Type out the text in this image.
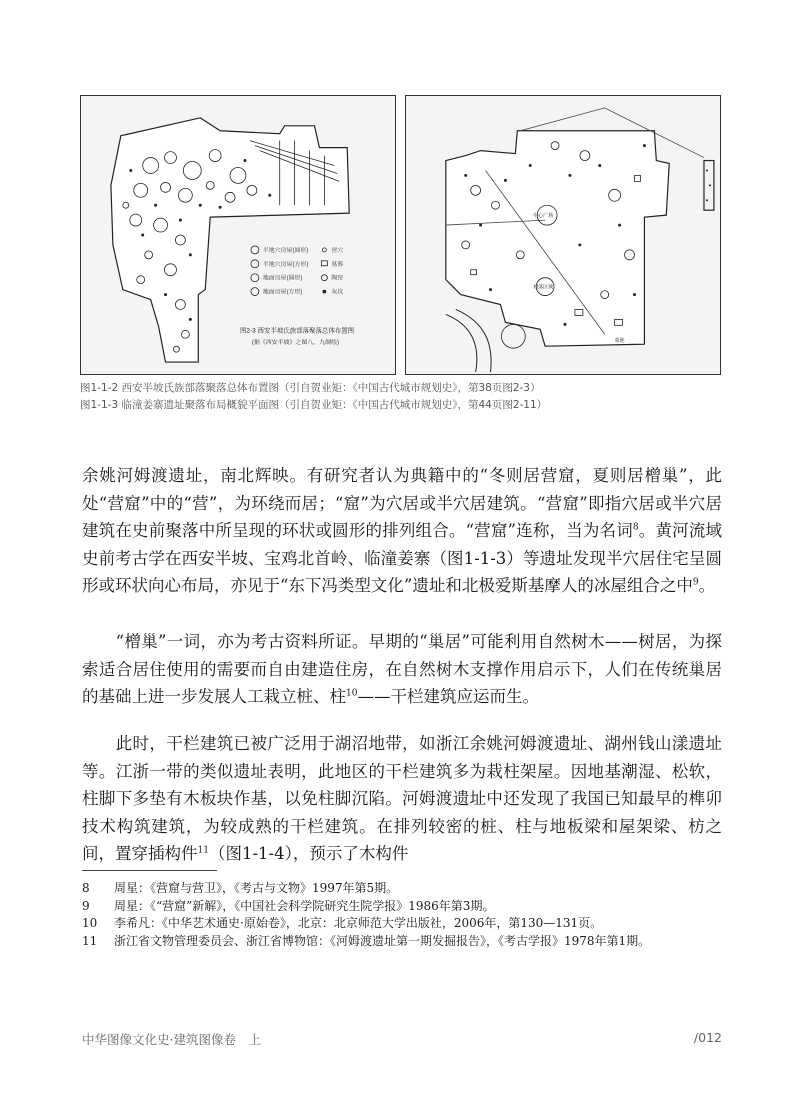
半地穴房屋(圆形)
半地穴房屋(方形)
地面房屋(圆形)
地面房屋(方形)
窖穴
墓葬
陶窑
灰坑
图2-3 西安半坡氏族部落聚落总体布置图
(据《西安半坡》之图八，九制绘)
中心广场
村落区域
墓地
图1-1-2 西安半坡氏族部落聚落总体布置图（引自贺业矩：《中国古代城市规划史》，第38页图2-3）
图1-1-3 临潼姜寨遗址聚落布局概貌平面图（引自贺业矩：《中国古代城市规划史》，第44页图2-11）

余姚河姆渡遗址，南北辉映。有研究者认为典籍中的“冬则居营窟，夏则居橧巢”，此处“营窟”中的“营”，为环绕而居；“窟”为穴居或半穴居建筑。“营窟”即指穴居或半穴居建筑在史前聚落中所呈现的环状或圆形的排列组合。“营窟”连称，当为名词$^8$。黄河流域史前考古学在西安半坡、宝鸡北首岭、临潼姜寨（图1-1-3）等遗址发现半穴居住宅呈圆形或环状向心布局，亦见于“东下冯类型文化”遗址和北极爱斯基摩人的冰屋组合之中$^9$。

　　“橧巢”一词，亦为考古资料所证。早期的“巢居”可能利用自然树木——树居，为探索适合居住使用的需要而自由建造住房，在自然树木支撑作用启示下，人们在传统巢居的基础上进一步发展人工栽立桩、柱$^{10}$——干栏建筑应运而生。

　　此时，干栏建筑已被广泛用于湖沼地带，如浙江余姚河姆渡遗址、湖州钱山漾遗址等。江浙一带的类似遗址表明，此地区的干栏建筑多为栽柱架屋。因地基潮湿、松软，柱脚下多垫有木板块作基，以免柱脚沉陷。河姆渡遗址中还发现了我国已知最早的榫卯技术构筑建筑，为较成熟的干栏建筑。在排列较密的桩、柱与地板梁和屋架梁、枋之间，置穿插构件$^{11}$（图1-1-4），预示了木构件

8	周星：《营窟与营卫》，《考古与文物》1997年第5期。
9	周星：《“营窟”新解》，《中国社会科学院研究生院学报》1986年第3期。
10	李希凡：《中华艺术通史·原始卷》，北京：北京师范大学出版社，2006年，第130—131页。
11	浙江省文物管理委员会、浙江省博物馆：《河姆渡遗址第一期发掘报告》，《考古学报》1978年第1期。
中华图像文化史·建筑图像卷　上	/012
